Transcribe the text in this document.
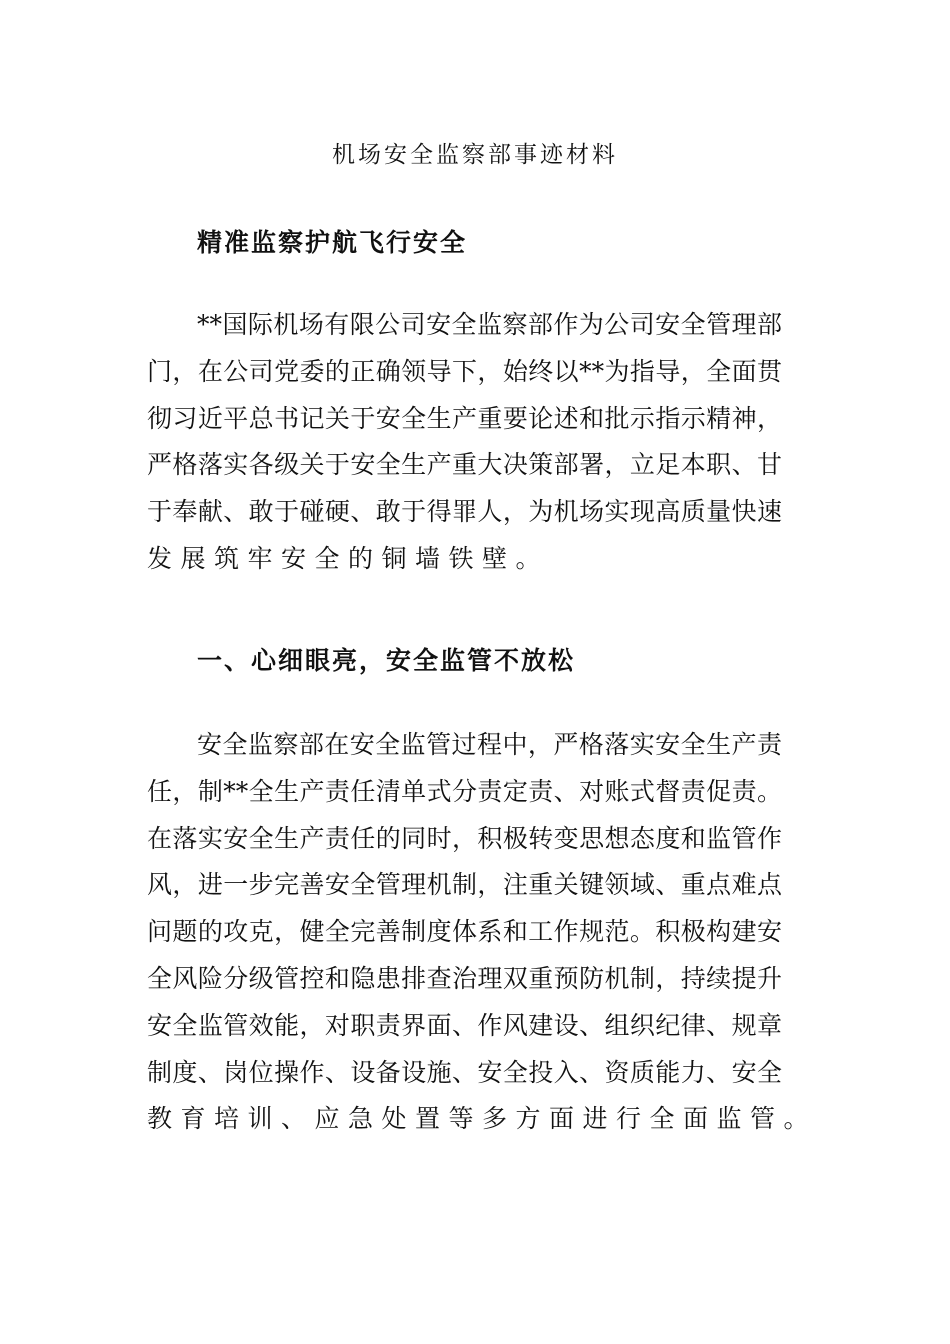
机场安全监察部事迹材料
精准监察护航飞行安全
**国际机场有限公司安全监察部作为公司安全管理部
门，在公司党委的正确领导下，始终以**为指导，全面贯
彻习近平总书记关于安全生产重要论述和批示指示精神，
严格落实各级关于安全生产重大决策部署，立足本职、甘
于奉献、敢于碰硬、敢于得罪人，为机场实现高质量快速
发展筑牢安全的铜墙铁壁。
一、心细眼亮，安全监管不放松
安全监察部在安全监管过程中，严格落实安全生产责
任，制**全生产责任清单式分责定责、对账式督责促责。
在落实安全生产责任的同时，积极转变思想态度和监管作
风，进一步完善安全管理机制，注重关键领域、重点难点
问题的攻克，健全完善制度体系和工作规范。积极构建安
全风险分级管控和隐患排查治理双重预防机制，持续提升
安全监管效能，对职责界面、作风建设、组织纪律、规章
制度、岗位操作、设备设施、安全投入、资质能力、安全
教育培训、应急处置等多方面进行全面监管。
